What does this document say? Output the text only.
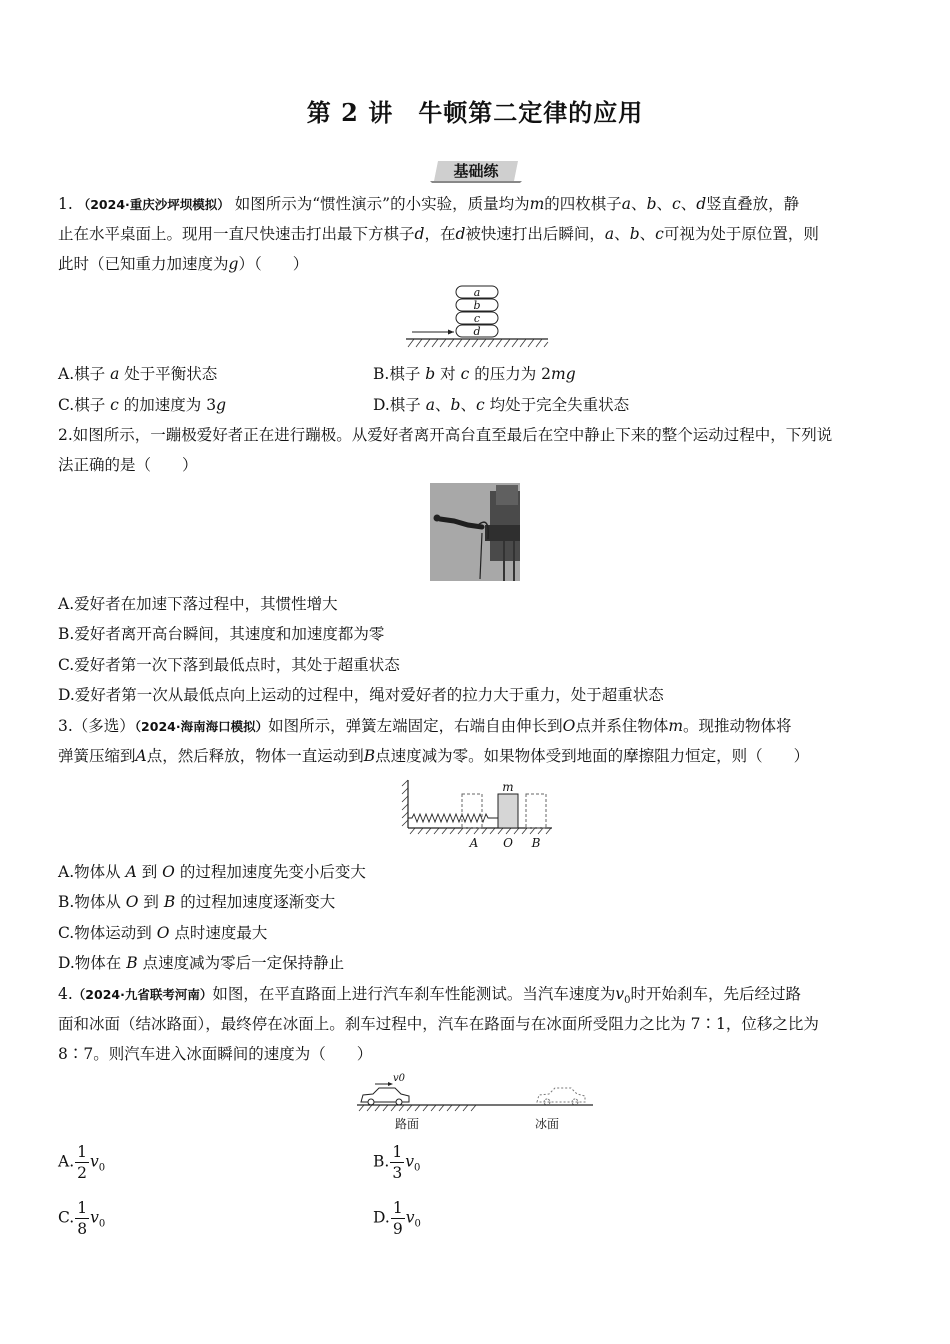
第 2 讲　牛顿第二定律的应用
基础练
1. （2024·重庆沙坪坝模拟） 如图所示为“惯性演示”的小实验，质量均为m的四枚棋子a、b、c、d竖直叠放，静
止在水平桌面上。现用一直尺快速击打出最下方棋子d，在d被快速打出后瞬间，a、b、c可视为处于原位置，则
此时（已知重力加速度为g）（　　）
a
b
c
d
A.棋子 a 处于平衡状态	B.棋子 b 对 c 的压力为 2mg
C.棋子 c 的加速度为 3g	D.棋子 a、b、c 均处于完全失重状态
2.如图所示，一蹦极爱好者正在进行蹦极。从爱好者离开高台直至最后在空中静止下来的整个运动过程中，下列说
法正确的是（　　）
A.爱好者在加速下落过程中，其惯性增大
B.爱好者离开高台瞬间，其速度和加速度都为零
C.爱好者第一次下落到最低点时，其处于超重状态
D.爱好者第一次从最低点向上运动的过程中，绳对爱好者的拉力大于重力，处于超重状态
3.（多选）（2024·海南海口模拟）如图所示，弹簧左端固定，右端自由伸长到O点并系住物体m。现推动物体将
弹簧压缩到A点，然后释放，物体一直运动到B点速度减为零。如果物体受到地面的摩擦阻力恒定，则（　　）
m
A O B
A.物体从 A 到 O 的过程加速度先变小后变大
B.物体从 O 到 B 的过程加速度逐渐变大
C.物体运动到 O 点时速度最大
D.物体在 B 点速度减为零后一定保持静止
4.（2024·九省联考河南）如图，在平直路面上进行汽车刹车性能测试。当汽车速度为$v_0$时开始刹车，先后经过路
面和冰面（结冰路面），最终停在冰面上。刹车过程中，汽车在路面与在冰面所受阻力之比为 7∶1，位移之比为
8∶7。则汽车进入冰面瞬间的速度为（　　）
v0
路面	冰面
A. $\frac{1}{2} v_0$	B. $\frac{1}{3} v_0$
C. $\frac{1}{8} v_0$	D. $\frac{1}{9} v_0$
